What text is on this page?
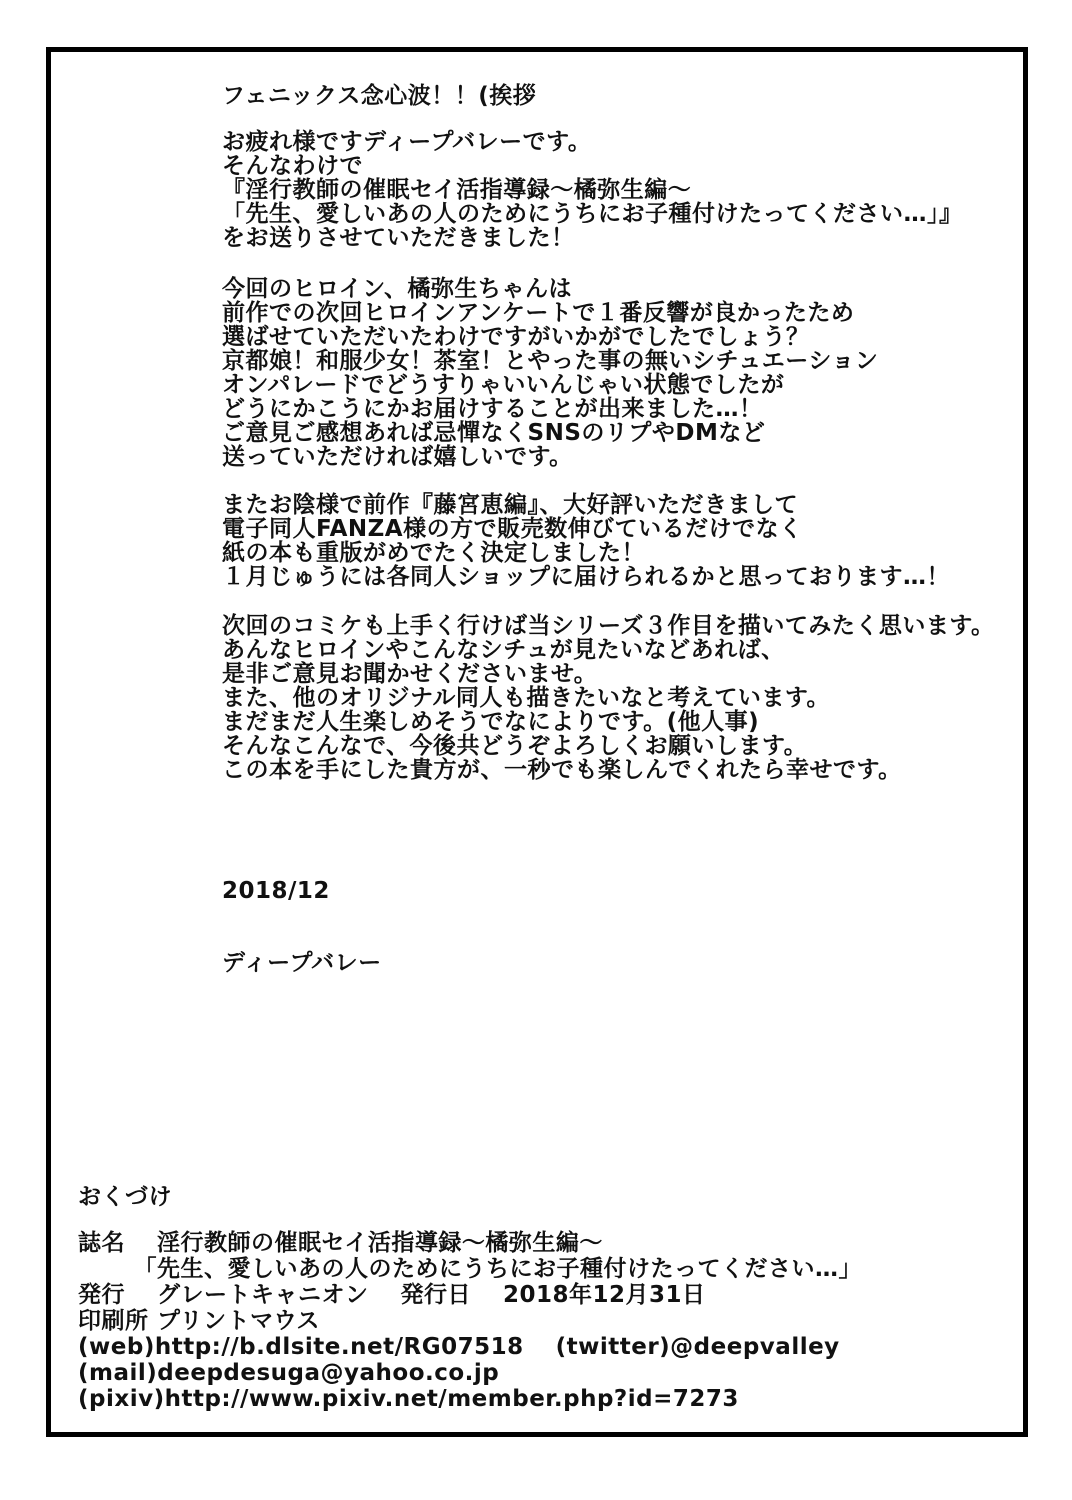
フェニックス念心波！！(挨拶
お疲れ様ですディープバレーです。
そんなわけで
『淫行教師の催眠セイ活指導録～橘弥生編～
「先生、愛しいあの人のためにうちにお子種付けたってください…」』
をお送りさせていただきました！
今回のヒロイン、橘弥生ちゃんは
前作での次回ヒロインアンケートで１番反響が良かったため
選ばせていただいたわけですがいかがでしたでしょう？
京都娘！和服少女！茶室！とやった事の無いシチュエーション
オンパレードでどうすりゃいいんじゃい状態でしたが
どうにかこうにかお届けすることが出来ました…！
ご意見ご感想あれば忌憚なくSNSのリプやDMなど
送っていただければ嬉しいです。
またお陰様で前作『藤宮恵編』、大好評いただきまして
電子同人FANZA様の方で販売数伸びているだけでなく
紙の本も重版がめでたく決定しました！
１月じゅうには各同人ショップに届けられるかと思っております…！
次回のコミケも上手く行けば当シリーズ３作目を描いてみたく思います。
あんなヒロインやこんなシチュが見たいなどあれば、
是非ご意見お聞かせくださいませ。
また、他のオリジナル同人も描きたいなと考えています。
まだまだ人生楽しめそうでなによりです。(他人事)
そんなこんなで、今後共どうぞよろしくお願いします。
この本を手にした貴方が、一秒でも楽しんでくれたら幸せです。

2018/12

ディープバレー

おくづけ
誌名　 淫行教師の催眠セイ活指導録～橘弥生編～
　　 「先生、愛しいあの人のためにうちにお子種付けたってください…」
発行　 グレートキャニオン　 発行日　 2018年12月31日
印刷所 プリントマウス
(web)http://b.dlsite.net/RG07518　 (twitter)@deepvalley
(mail)deepdesuga@yahoo.co.jp
(pixiv)http://www.pixiv.net/member.php?id=7273
